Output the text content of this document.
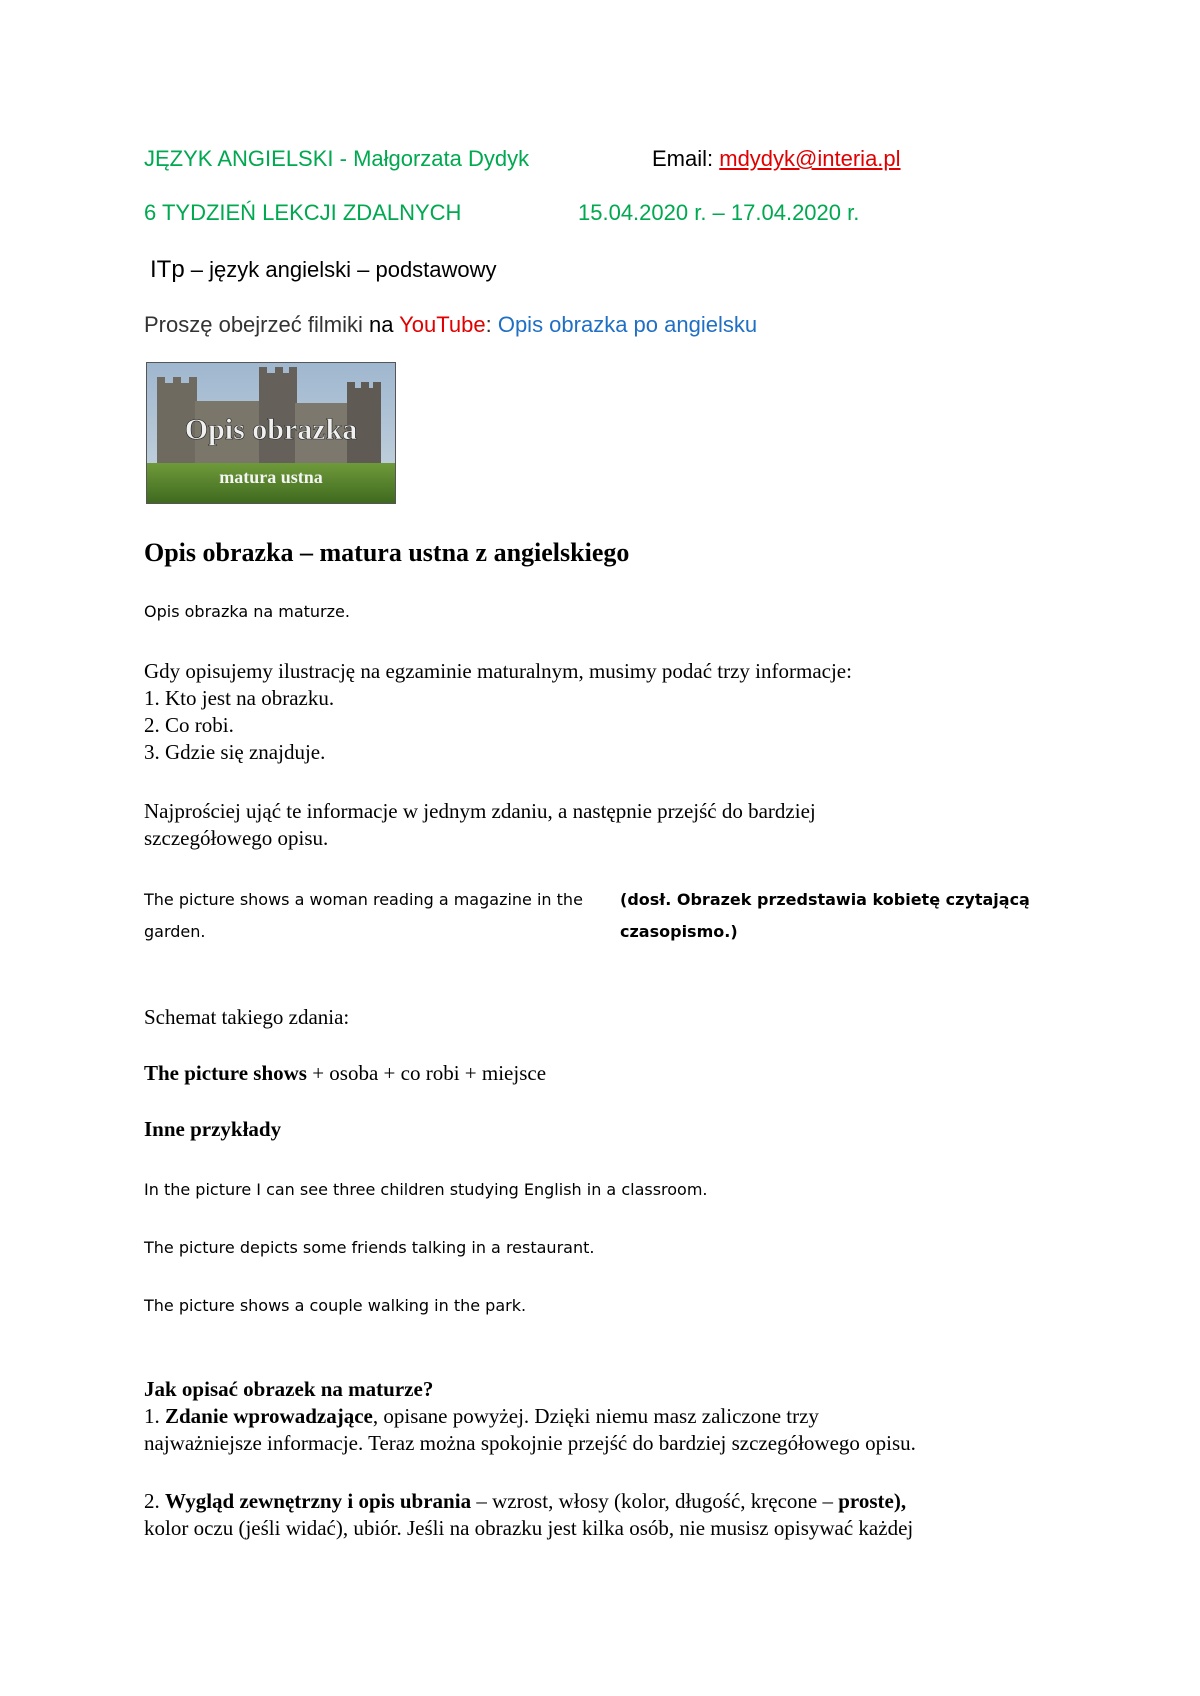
JĘZYK ANGIELSKI - Małgorzata Dydyk	Email: mdydyk@interia.pl
6 TYDZIEŃ LEKCJI ZDALNYCH	15.04.2020 r. – 17.04.2020 r.
ITp – język angielski – podstawowy
Proszę obejrzeć filmiki na YouTube: Opis obrazka po angielsku
Opis obrazka
matura ustna
Opis obrazka – matura ustna z angielskiego
Opis obrazka na maturze.
Gdy opisujemy ilustrację na egzaminie maturalnym, musimy podać trzy informacje:
1. Kto jest na obrazku.
2. Co robi.
3. Gdzie się znajduje.
Najprościej ująć te informacje w jednym zdaniu, a następnie przejść do bardziej
szczegółowego opisu.
The picture shows a woman reading a magazine in the garden.
(dosł. Obrazek przedstawia kobietę czytającą czasopismo.)
Schemat takiego zdania:
The picture shows + osoba + co robi + miejsce
Inne przykłady
In the picture I can see three children studying English in a classroom.
The picture depicts some friends talking in a restaurant.
The picture shows a couple walking in the park.
Jak opisać obrazek na maturze?
1. Zdanie wprowadzające, opisane powyżej. Dzięki niemu masz zaliczone trzy
najważniejsze informacje. Teraz można spokojnie przejść do bardziej szczegółowego opisu.
2. Wygląd zewnętrzny i opis ubrania – wzrost, włosy (kolor, długość, kręcone – proste),
kolor oczu (jeśli widać), ubiór. Jeśli na obrazku jest kilka osób, nie musisz opisywać każdej
